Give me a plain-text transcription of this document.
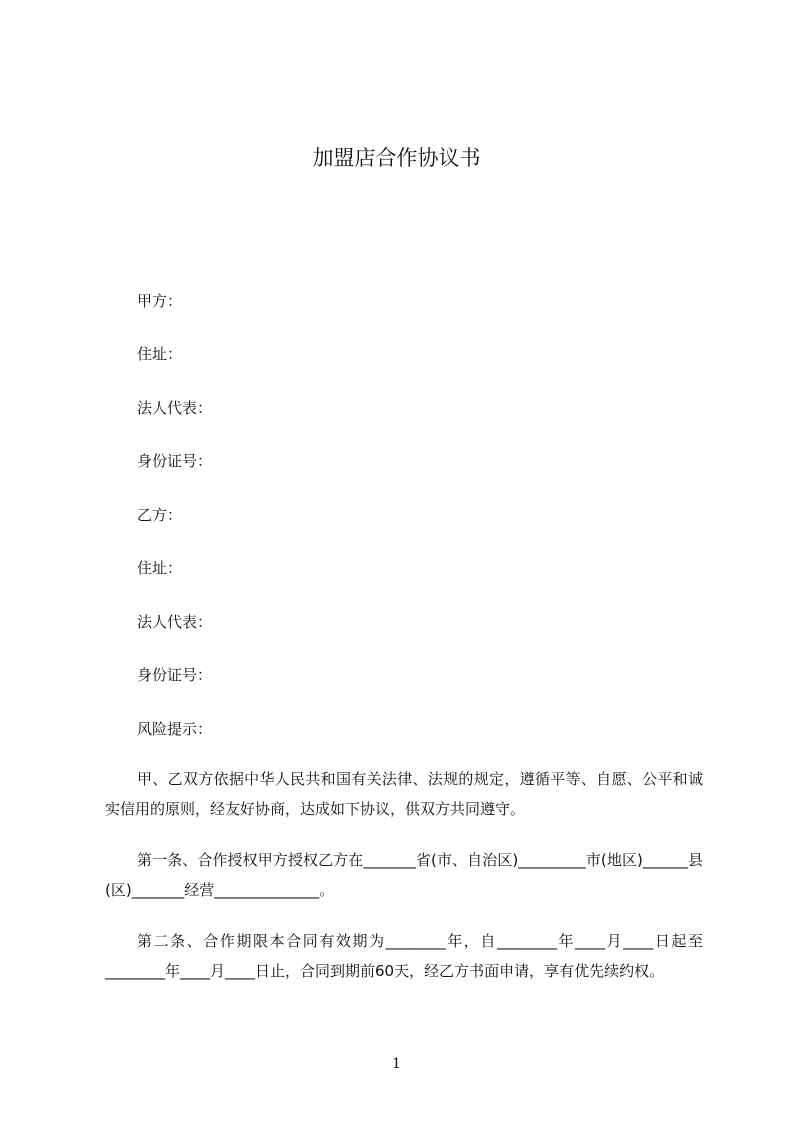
加盟店合作协议书
甲方：
住址：
法人代表：
身份证号：
乙方：
住址：
法人代表：
身份证号：
风险提示：
甲、乙双方依据中华人民共和国有关法律、法规的规定，遵循平等、自愿、公平和诚实信用的原则，经友好协商，达成如下协议，供双方共同遵守。
第一条、合作授权甲方授权乙方在_______省(市、自治区)_________市(地区)______县(区)_______经营______________。
第二条、合作期限本合同有效期为________年，自________年____月____日起至________年____月____日止，合同到期前60天，经乙方书面申请，享有优先续约权。
1
